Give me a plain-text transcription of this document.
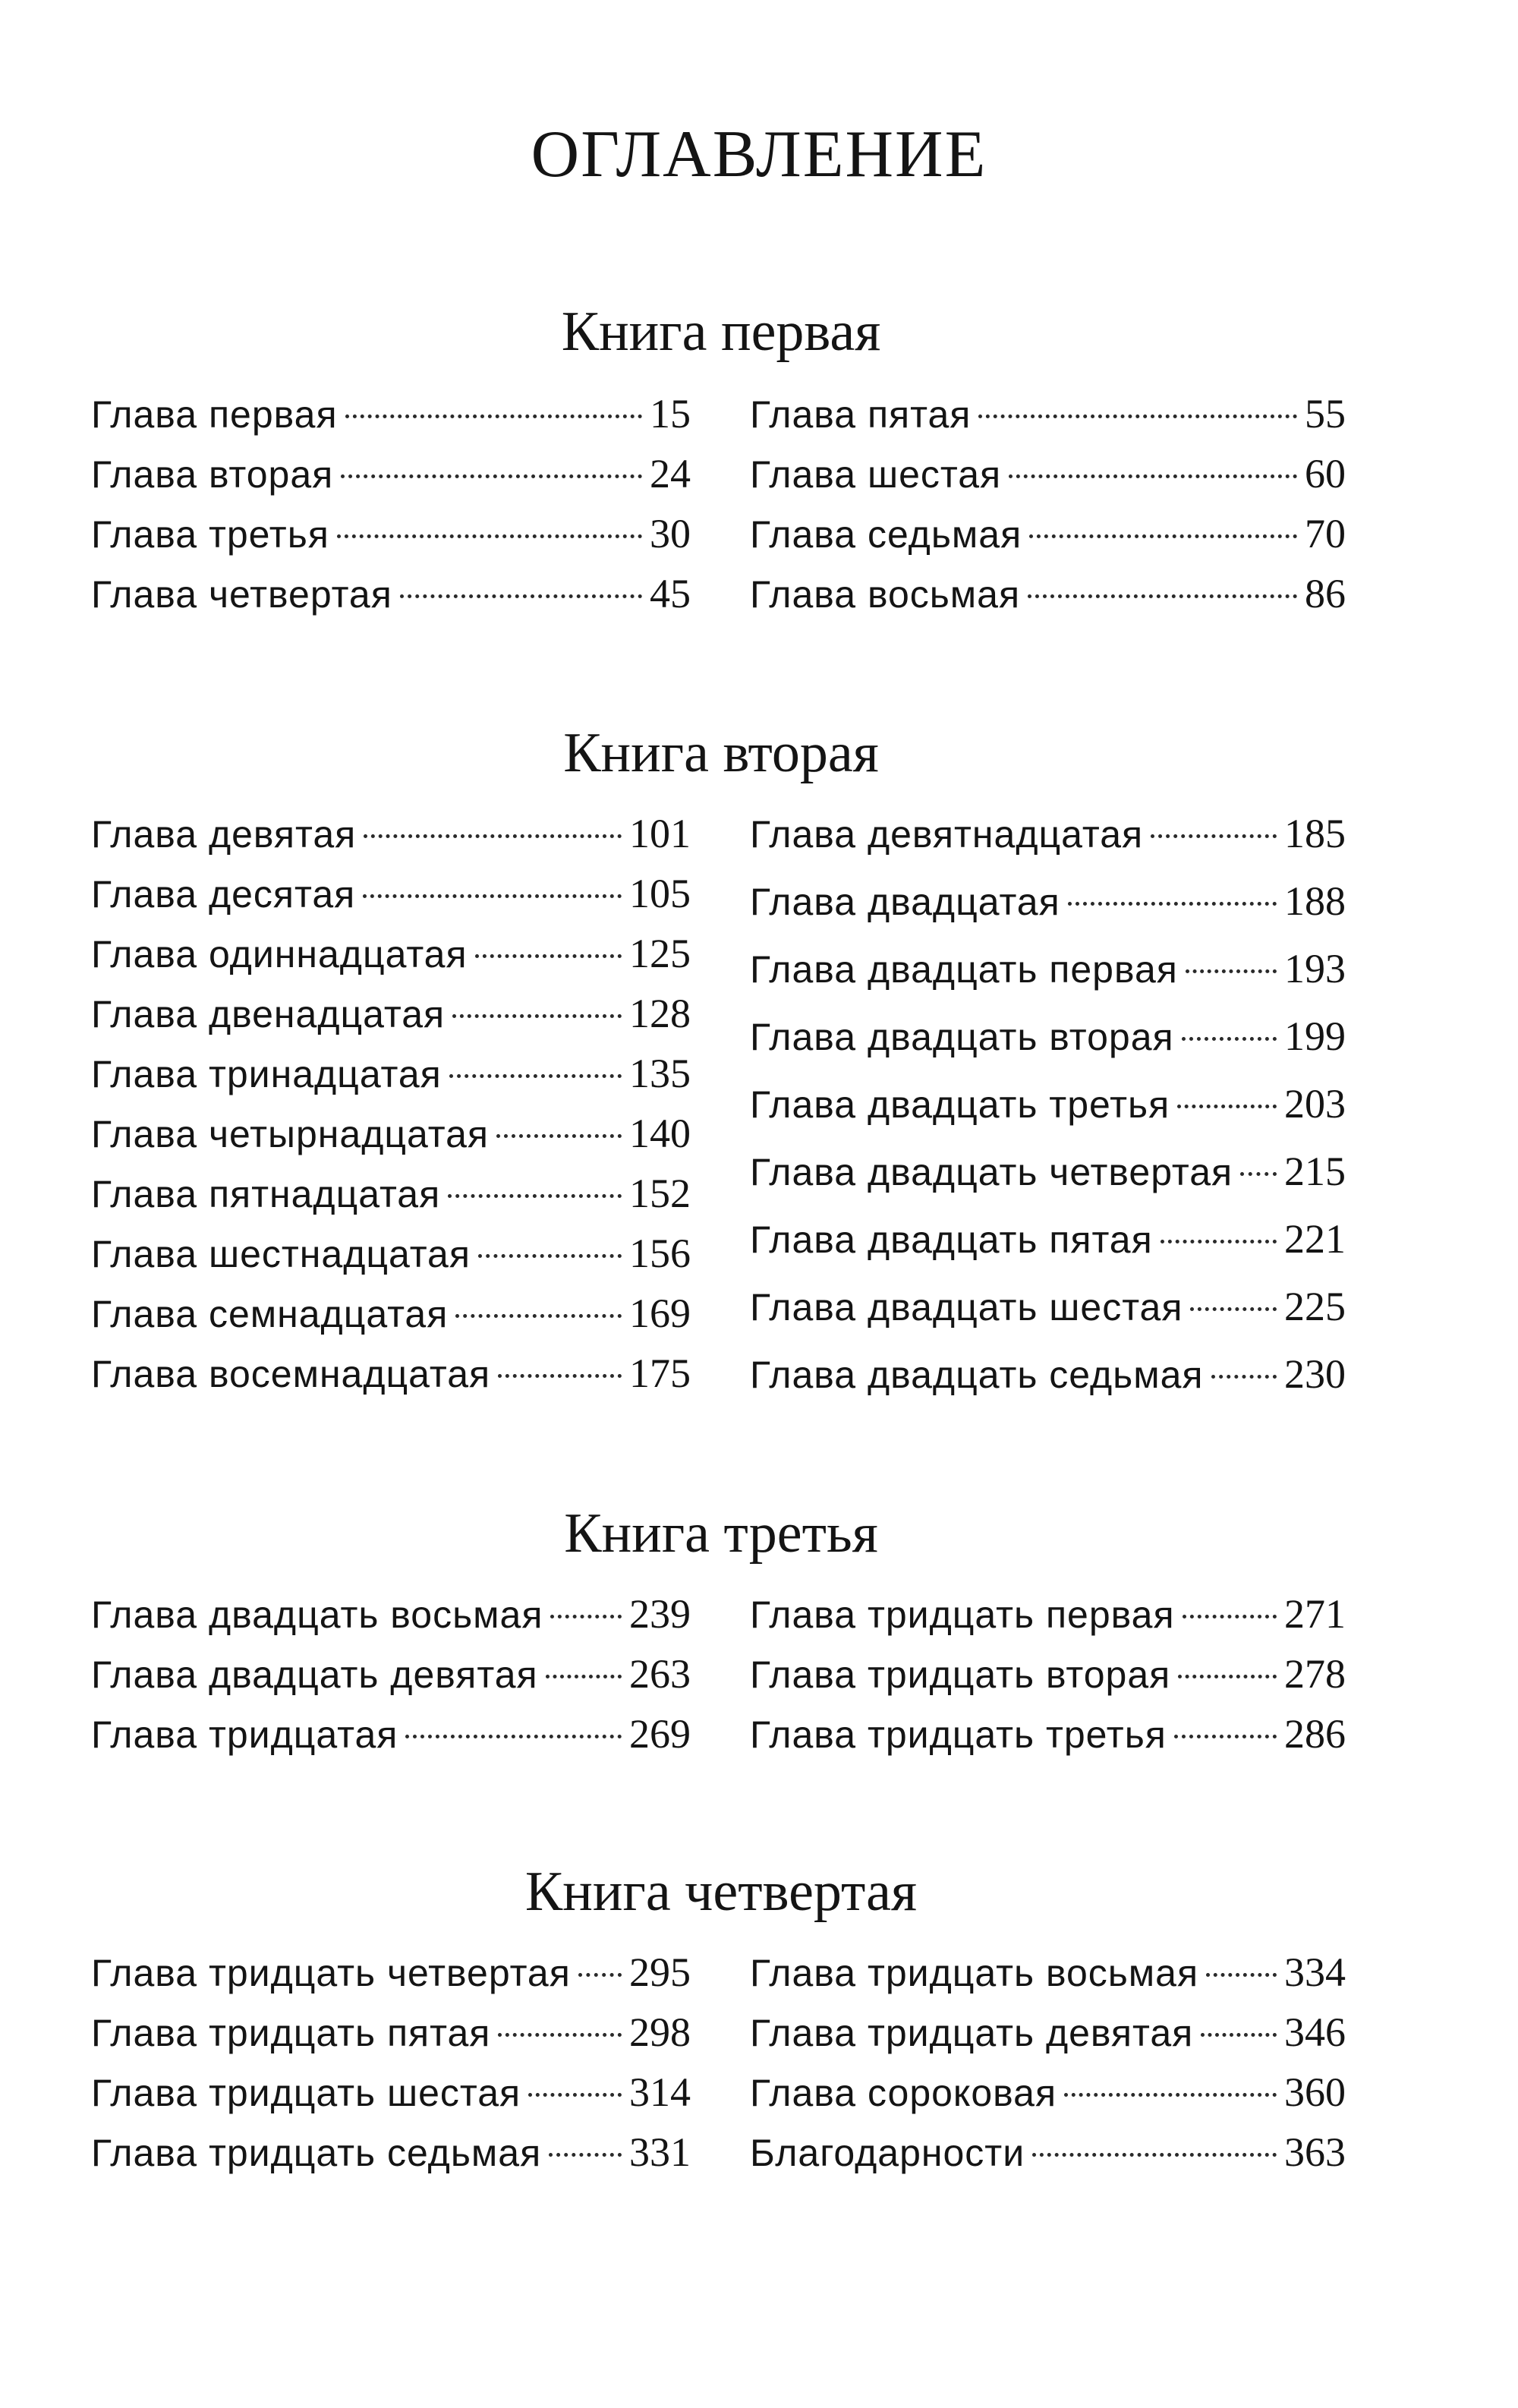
ОГЛАВЛЕНИЕ
Книга первая
Глава первая	15
Глава вторая	24
Глава третья	30
Глава четвертая	45
Глава пятая	55
Глава шестая	60
Глава седьмая	70
Глава восьмая	86
Книга вторая
Глава девятая	101
Глава десятая	105
Глава одиннадцатая	125
Глава двенадцатая	128
Глава тринадцатая	135
Глава четырнадцатая	140
Глава пятнадцатая	152
Глава шестнадцатая	156
Глава семнадцатая	169
Глава восемнадцатая	175
Глава девятнадцатая	185
Глава двадцатая	188
Глава двадцать первая	193
Глава двадцать вторая	199
Глава двадцать третья	203
Глава двадцать четвертая 215
Глава двадцать пятая	221
Глава двадцать шестая 225
Глава двадцать седьмая 230
Книга третья
Глава двадцать восьмая 239
Глава двадцать девятая 263
Глава тридцатая	269
Глава тридцать первая	271
Глава тридцать вторая	278
Глава тридцать третья	286
Книга четвертая
Глава тридцать четвертая 295
Глава тридцать пятая	298
Глава тридцать шестая	314
Глава тридцать седьмая 331
Глава тридцать восьмая 334
Глава тридцать девятая 346
Глава сороковая	360
Благодарности	363
